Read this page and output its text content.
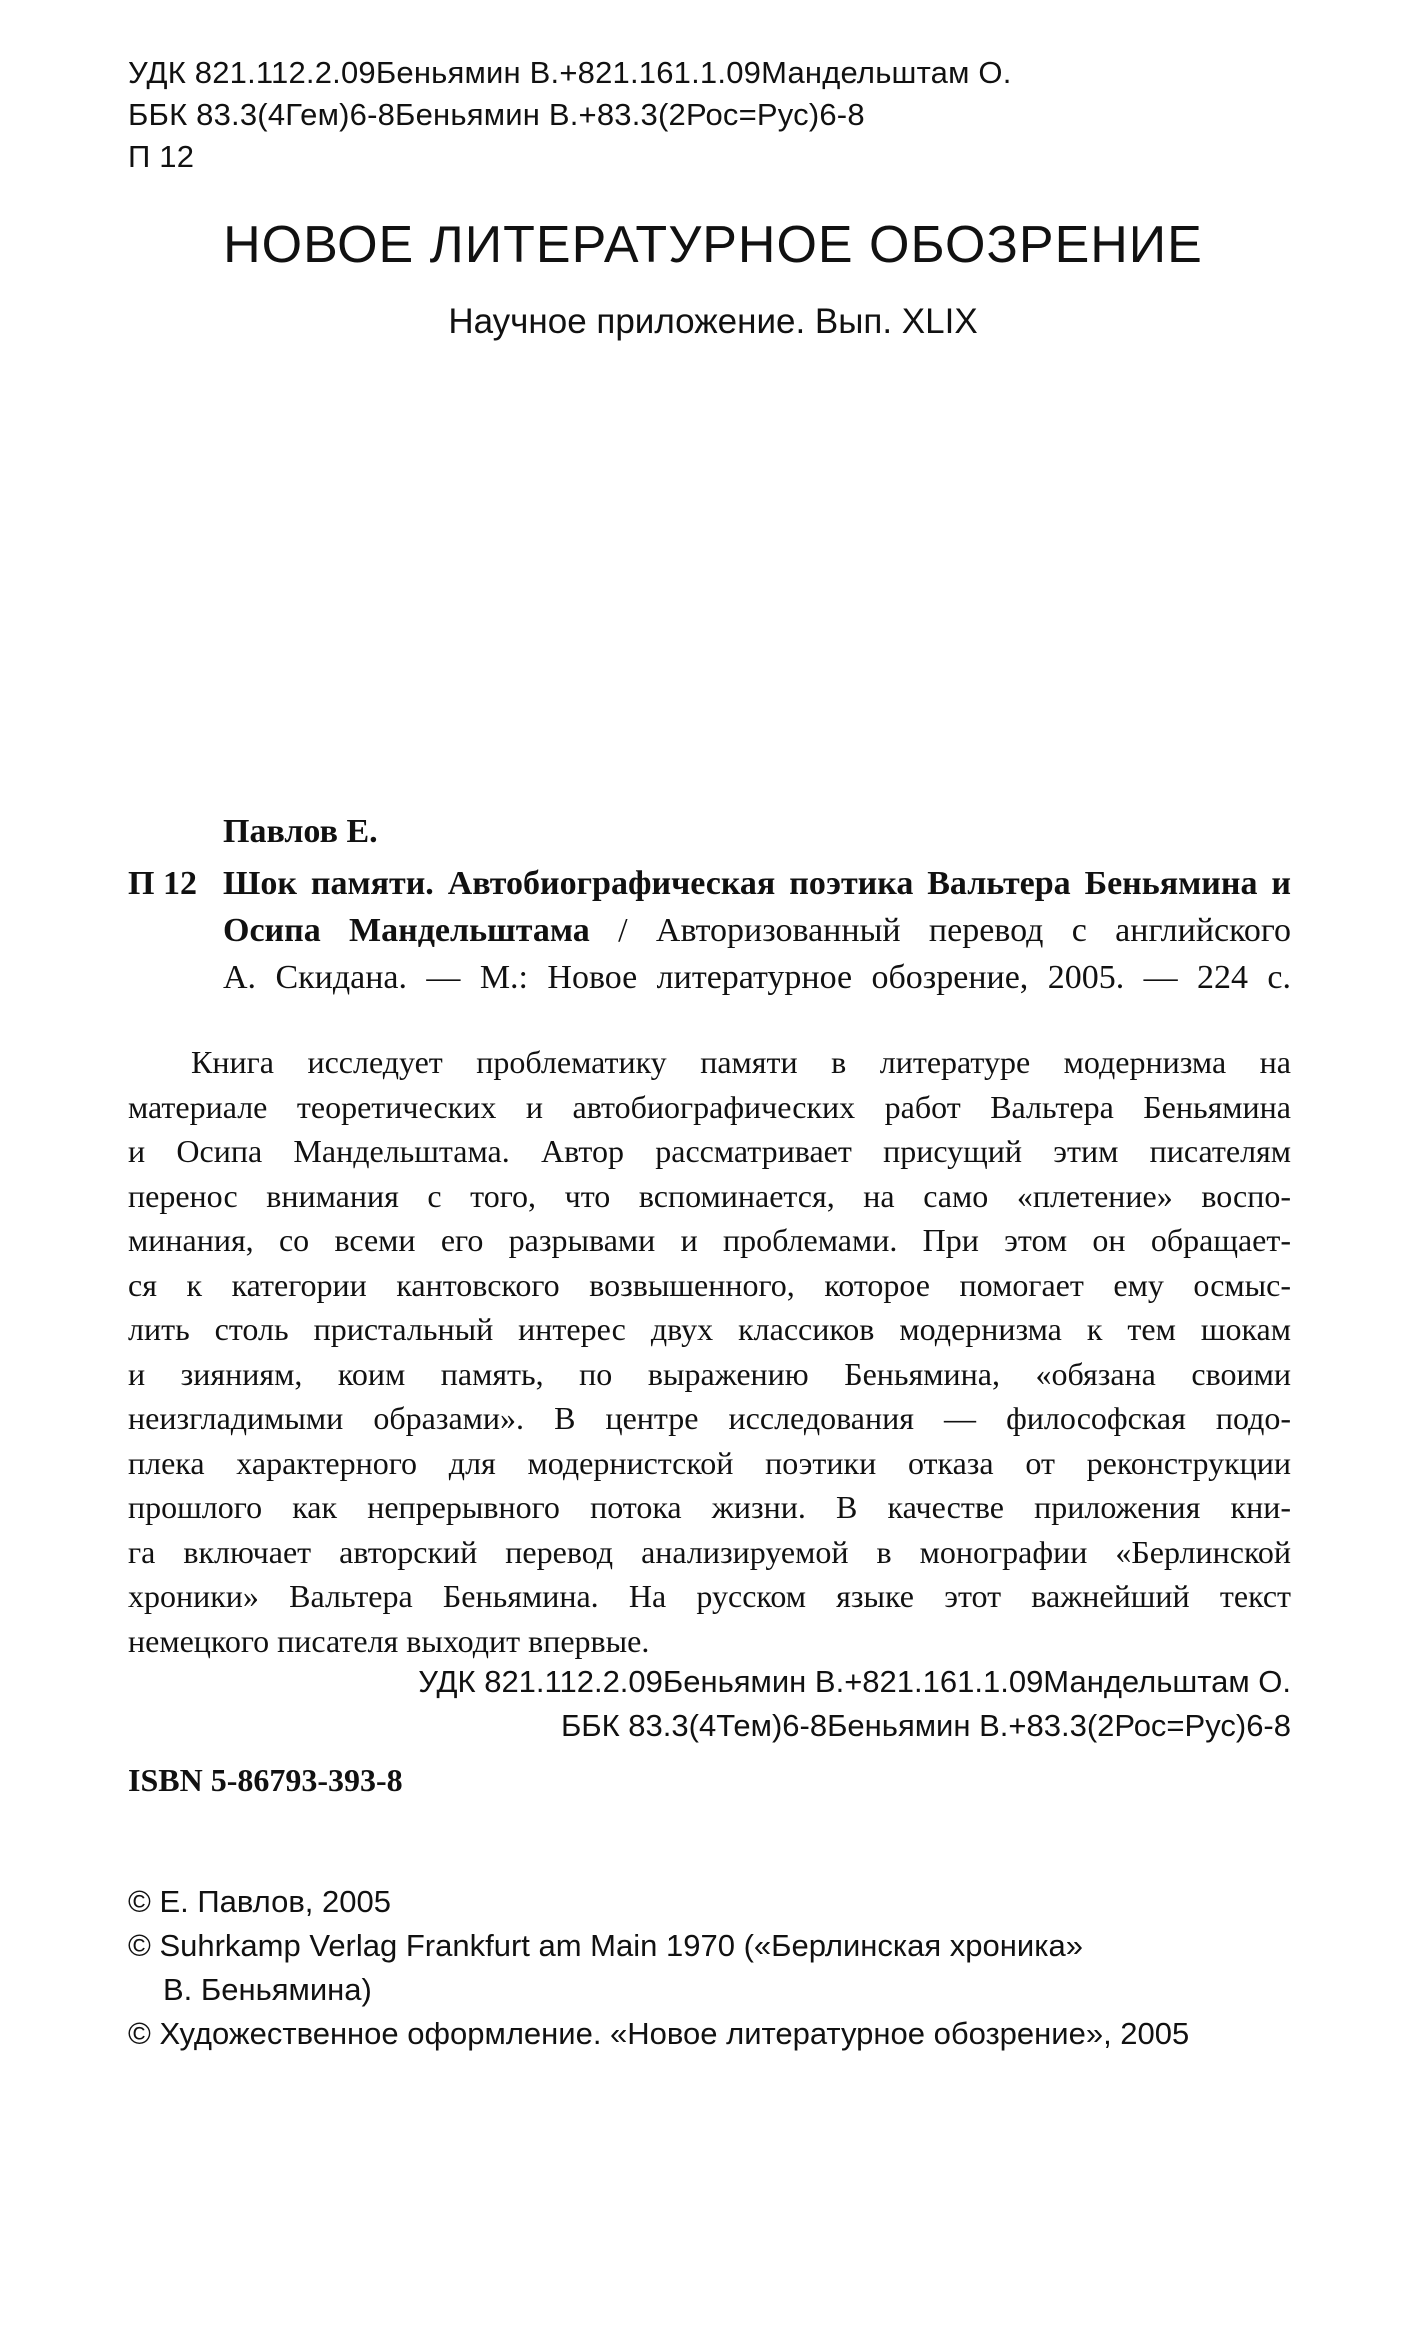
УДК 821.112.2.09Беньямин В.+821.161.1.09Мандельштам О.
ББК 83.3(4Гем)6-8Беньямин В.+83.3(2Рос=Рус)6-8
П 12
НОВОЕ ЛИТЕРАТУРНОЕ ОБОЗРЕНИЕ
Научное приложение. Вып. XLIX
Павлов Е.
П 12 Шок памяти. Автобиографическая поэтика Вальтера Беньямина и
Осипа Мандельштама / Авторизованный перевод с английского
А. Скидана. — М.: Новое литературное обозрение, 2005. — 224 с.
Книга исследует проблематику памяти в литературе модернизма на
материале теоретических и автобиографических работ Вальтера Беньямина
и Осипа Мандельштама. Автор рассматривает присущий этим писателям
перенос внимания с того, что вспоминается, на само «плетение» воспо-
минания, со всеми его разрывами и проблемами. При этом он обращает-
ся к категории кантовского возвышенного, которое помогает ему осмыс-
лить столь пристальный интерес двух классиков модернизма к тем шокам
и зияниям, коим память, по выражению Беньямина, «обязана своими
неизгладимыми образами». В центре исследования — философская подо-
плека характерного для модернистской поэтики отказа от реконструкции
прошлого как непрерывного потока жизни. В качестве приложения кни-
га включает авторский перевод анализируемой в монографии «Берлинской
хроники» Вальтера Беньямина. На русском языке этот важнейший текст
немецкого писателя выходит впервые.
УДК 821.112.2.09Беньямин В.+821.161.1.09Мандельштам О.
ББК 83.3(4Тем)6-8Беньямин В.+83.3(2Рос=Рус)6-8
ISBN 5-86793-393-8
© Е. Павлов, 2005
© Suhrkamp Verlag Frankfurt am Main 1970 («Берлинская хроника»
В. Беньямина)
© Художественное оформление. «Новое литературное обозрение», 2005
